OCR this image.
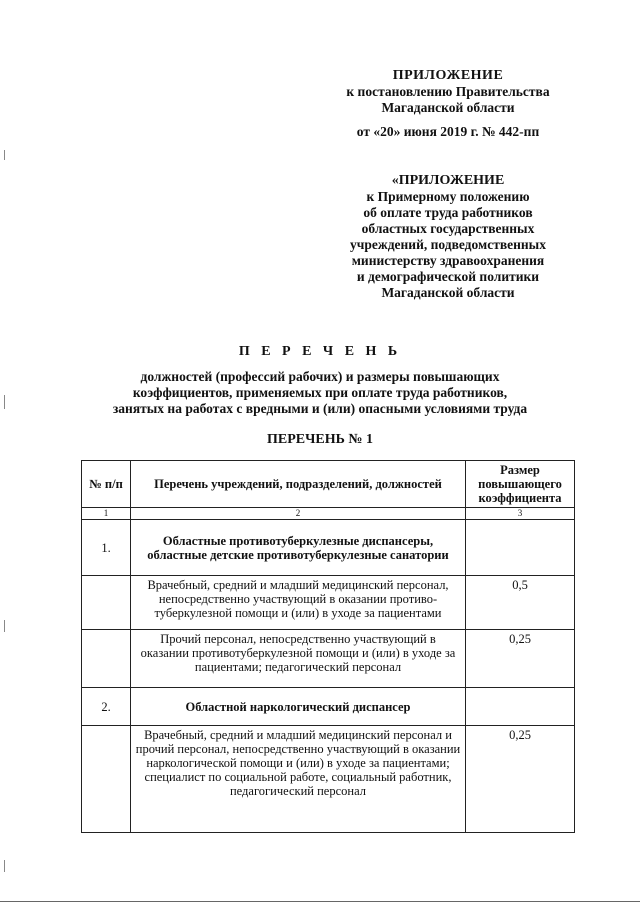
ПРИЛОЖЕНИЕ
к постановлению Правительства
Магаданской области
от «20» июня 2019 г. № 442-пп
«ПРИЛОЖЕНИЕ
к Примерному положению
об оплате труда работников
областных государственных
учреждений, подведомственных
министерству здравоохранения
и демографической политики
Магаданской области
П Е Р Е Ч Е Н Ь
должностей (профессий рабочих) и размеры повышающих
коэффициентов, применяемых при оплате труда работников,
занятых на работах с вредными и (или) опасными условиями труда
ПЕРЕЧЕНЬ № 1
№ п/п	Перечень учреждений, подразделений, должностей	Размер повышающего коэффициента
1	2	3
1.	Областные противотуберкулезные диспансеры, областные детские противотуберкулезные санатории	
	Врачебный, средний и младший медицинский персонал, непосредственно участвующий в оказании противо-туберкулезной помощи и (или) в уходе за пациентами	0,5
	Прочий персонал, непосредственно участвующий в оказании противотуберкулезной помощи и (или) в уходе за пациентами; педагогический персонал	0,25
2.	Областной наркологический диспансер	
	Врачебный, средний и младший медицинский персонал и прочий персонал, непосредственно участвующий в оказании наркологической помощи и (или) в уходе за пациентами; специалист по социальной работе, социальный работник, педагогический персонал	0,25
